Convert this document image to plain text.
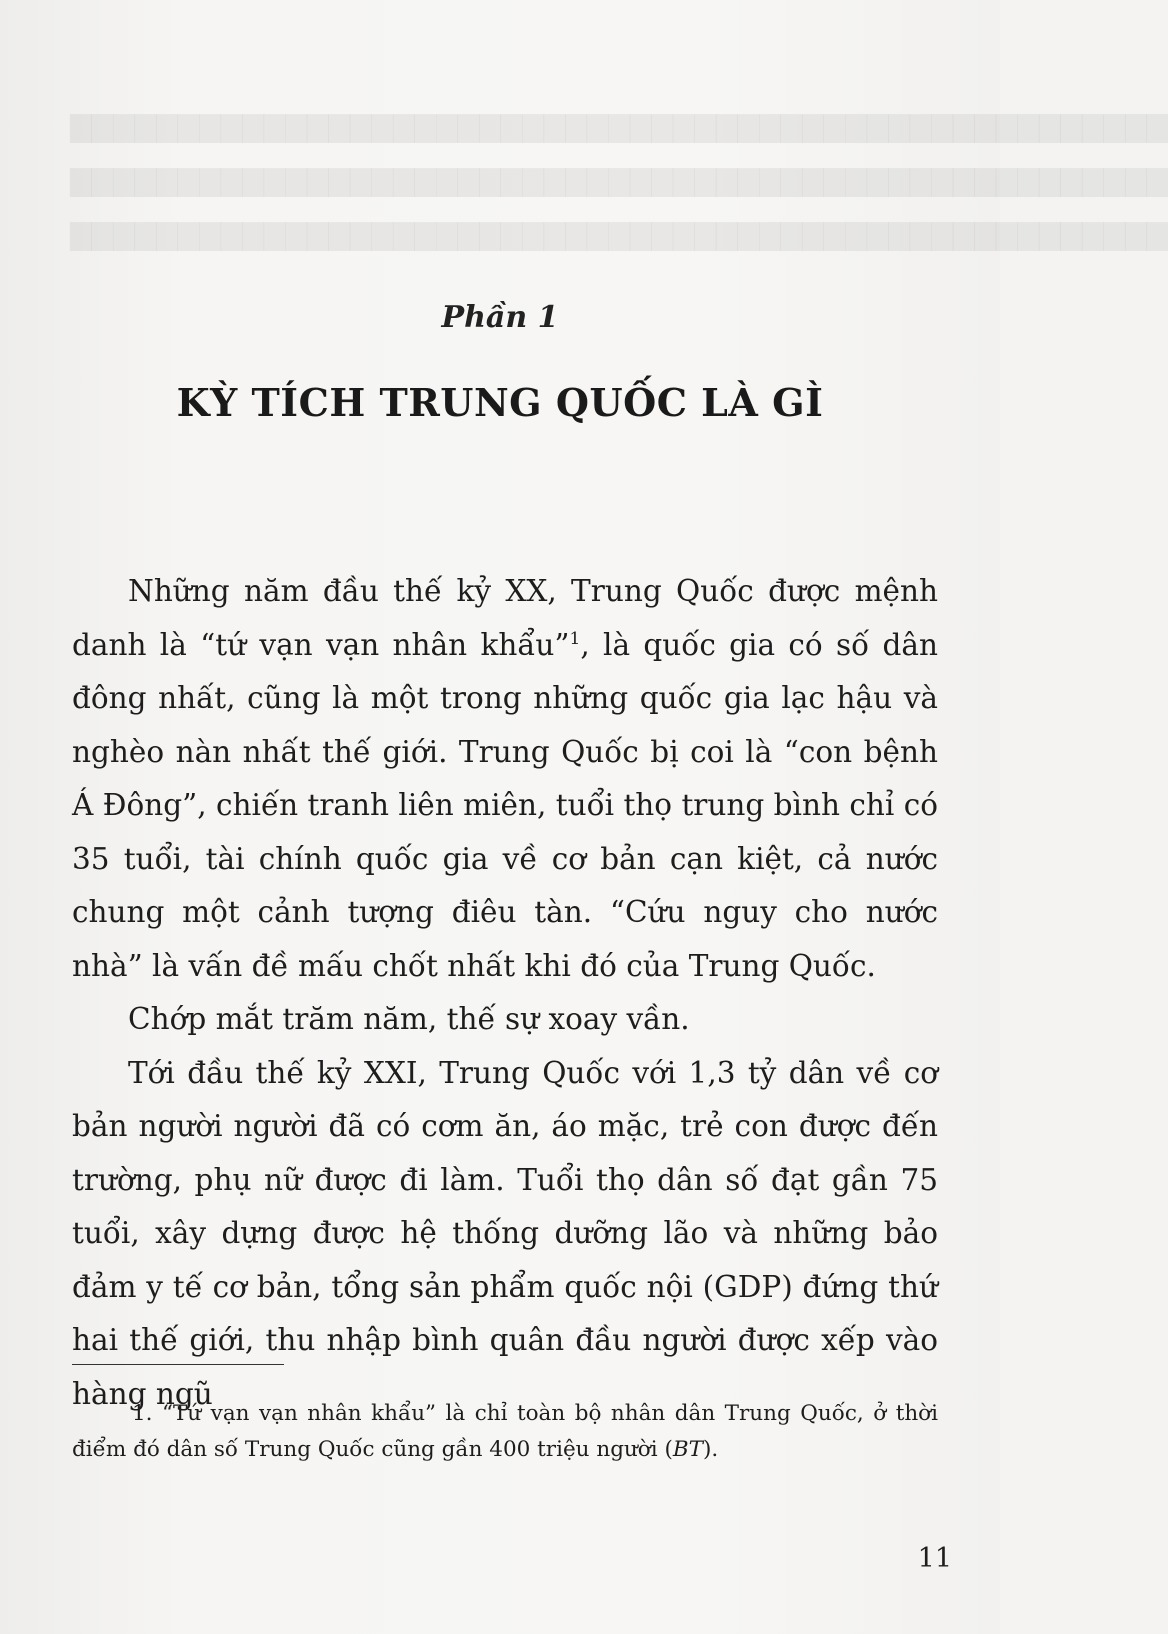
▇▇▇▇▇▇▇▇▇▇▇▇▇▇▇▇▇▇▇▇▇▇▇▇▇▇▇▇▇▇▇▇▇▇▇▇▇▇▇▇▇▇▇▇▇▇▇▇▇▇▇
▇▇▇▇▇▇▇▇▇▇▇▇▇▇▇▇▇▇▇▇▇▇▇▇▇▇▇▇▇▇▇▇▇▇▇▇▇▇▇▇▇▇▇▇▇▇▇▇▇▇▇
▇▇▇▇▇▇▇▇▇▇▇▇▇▇▇▇▇▇▇▇▇▇▇▇▇▇▇▇▇▇▇▇▇▇▇▇▇▇▇▇▇▇▇▇▇▇▇▇▇▇▇
Phần 1
KỲ TÍCH TRUNG QUỐC LÀ GÌ

Những năm đầu thế kỷ XX, Trung Quốc được mệnh danh là “tứ vạn vạn nhân khẩu”$^1$, là quốc gia có số dân đông nhất, cũng là một trong những quốc gia lạc hậu và nghèo nàn nhất thế giới. Trung Quốc bị coi là “con bệnh Á Đông”, chiến tranh liên miên, tuổi thọ trung bình chỉ có 35 tuổi, tài chính quốc gia về cơ bản cạn kiệt, cả nước chung một cảnh tượng điêu tàn. “Cứu nguy cho nước nhà” là vấn đề mấu chốt nhất khi đó của Trung Quốc.

Chớp mắt trăm năm, thế sự xoay vần.

Tới đầu thế kỷ XXI, Trung Quốc với 1,3 tỷ dân về cơ bản người người đã có cơm ăn, áo mặc, trẻ con được đến trường, phụ nữ được đi làm. Tuổi thọ dân số đạt gần 75 tuổi, xây dựng được hệ thống dưỡng lão và những bảo đảm y tế cơ bản, tổng sản phẩm quốc nội (GDP) đứng thứ hai thế giới, thu nhập bình quân đầu người được xếp vào hàng ngũ

1. “Tứ vạn vạn nhân khẩu” là chỉ toàn bộ nhân dân Trung Quốc, ở thời điểm đó dân số Trung Quốc cũng gần 400 triệu người (BT).
11
